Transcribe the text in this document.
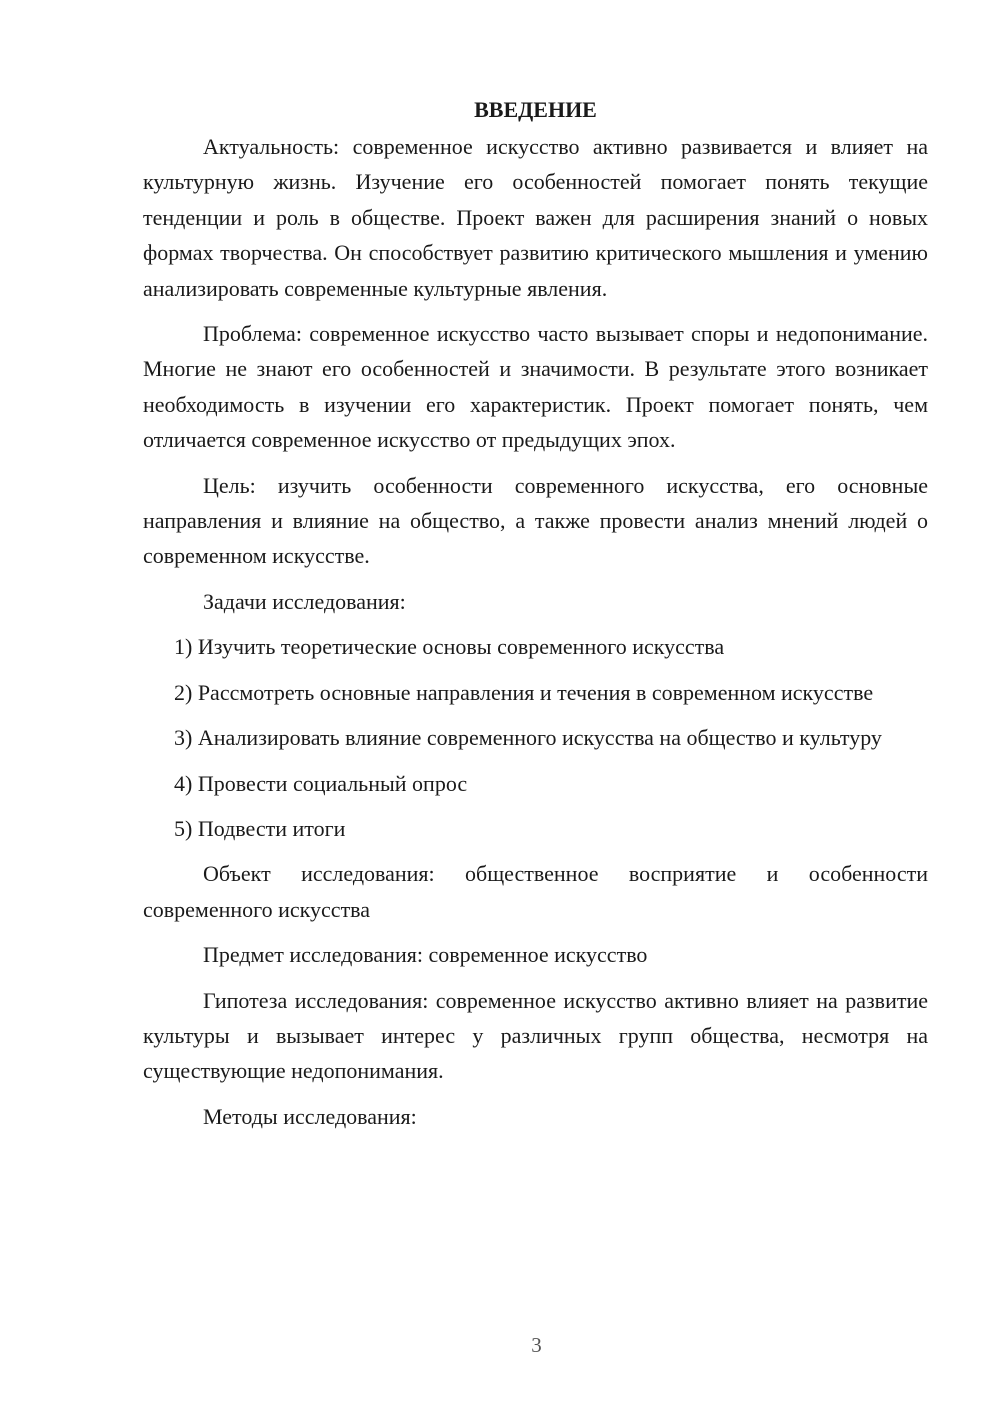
ВВЕДЕНИЕ

Актуальность: современное искусство активно развивается и влияет на культурную жизнь. Изучение его особенностей помогает понять текущие тенденции и роль в обществе. Проект важен для расширения знаний о новых формах творчества. Он способствует развитию критического мышления и умению анализировать современные культурные явления.

Проблема: современное искусство часто вызывает споры и недопонимание. Многие не знают его особенностей и значимости. В результате этого возникает необходимость в изучении его характеристик. Проект помогает понять, чем отличается современное искусство от предыдущих эпох.

Цель: изучить особенности современного искусства, его основные направления и влияние на общество, а также провести анализ мнений людей о современном искусстве.

Задачи исследования:

1) Изучить теоретические основы современного искусства

2) Рассмотреть основные направления и течения в современном искусстве

3) Анализировать влияние современного искусства на общество и культуру

4) Провести социальный опрос

5) Подвести итоги

Объект исследования: общественное восприятие и особенности современного искусства

Предмет исследования: современное искусство

Гипотеза исследования: современное искусство активно влияет на развитие культуры и вызывает интерес у различных групп общества, несмотря на существующие недопонимания.

Методы исследования:

3
